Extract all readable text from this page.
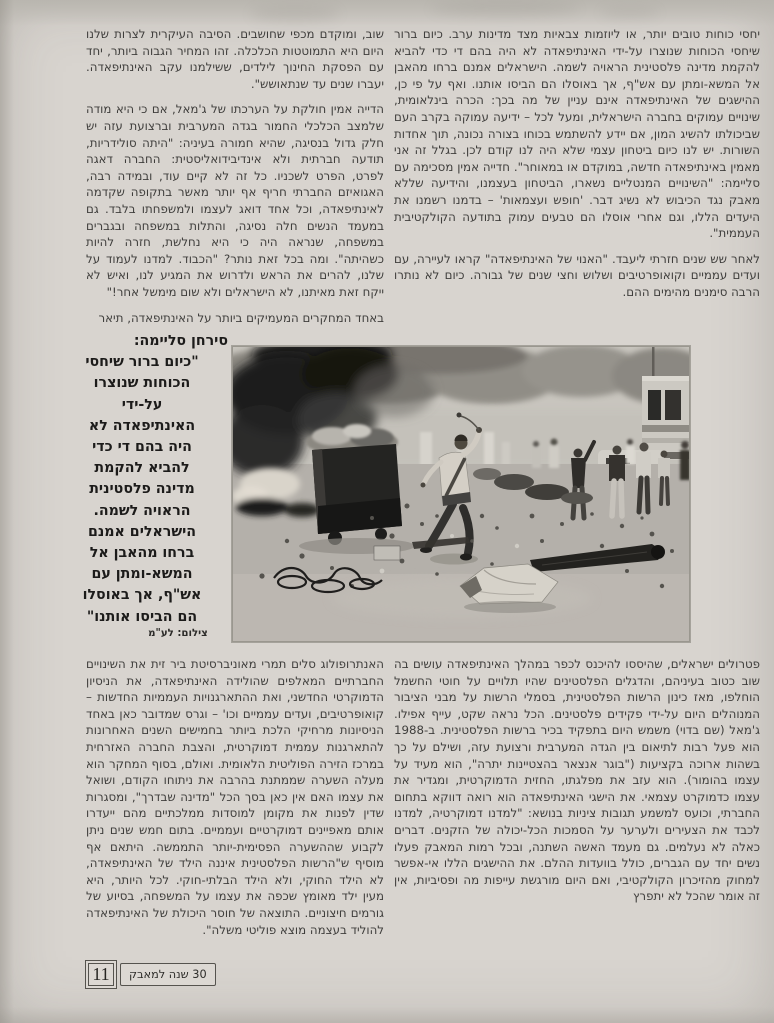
יחסי כוחות טובים יותר, או ליוזמות צבאיות מצד מדינות ערב. כיום ברור שיחסי הכוחות שנוצרו על-ידי האינתיפאדה לא היה בהם די כדי להביא להקמת מדינה פלסטינית הראויה לשמה. הישראלים אמנם ברחו מהאבן אל המשא-ומתן עם אש"ף, אך באוסלו הם הביסו אותנו. ואף על פי כן, ההישגים של האינתיפאדה אינם עניין של מה בכך: הכרה בינלאומית, שינויים עמוקים בחברה הישראלית, ומעל לכל – ידיעה עמוקה בקרב העם שביכולתו להשיג המון, אם יידע להשתמש בכוחו בצורה נכונה, תוך אחדות השורות. יש לנו כיום ביטחון עצמי שלא היה לנו קודם לכן. בגלל זה אני מאמין באינתיפאדה חדשה, במוקדם או במאוחר". חדייה אמין מסכימה עם סליימה: "השינויים המנטליים נשארו, הביטחון בעצמנו, והידיעה שללא מאבק נגד הכיבוש לא נשיג דבר. 'חופש ועצמאות' – בדמנו רשמנו את היעדים הללו, וגם אחרי אוסלו הם טבעים עמוק בתודעה הקולקטיבית העממית".

לאחר שש שנים חזרתי ליעבד. "האנוי של האינתיפאדה" קראו לעיירה, עם ועדים עממיים וקואופרטיבים ושלוש וחצי שנים של גבורה. כיום לא נותרו הרבה סימנים מהימים ההם.

שוב, ומוקדם מכפי שחושבים. הסיבה העיקרית לצרות שלנו היום היא התמוטטות הכלכלה. זהו המחיר הגבוה ביותר, יחד עם הפסקת החינוך לילדים, ששילמנו עקב האינתיפאדה. יעברו שנים עד שנתאושש".

הדייה אמין חולקת על הערכתו של ג'מאל, אם כי היא מודה שלמצב הכלכלי החמור בגדה המערבית וברצועת עזה יש חלק גדול בנסיגה, שהיא חמורה בעיניה: "היתה סולידריות, תודעה חברתית ולא אינדיבידואליסטית: החברה דאגה לפרט, הפרט לשכניו. כל זה לא קיים עוד, ובמידה רבה, האגואיזם החברתי חריף אף יותר מאשר בתקופה שקדמה לאינתיפאדה, וכל אחד דואג לעצמו ולמשפחתו בלבד. גם במעמד הנשים חלה נסיגה, והתלות במשפחה ובגברים במשפחה, שנראה היה כי היא נחלשת, חזרה להיות כשהיתה". ומה בכל זאת נותר? "הכבוד. למדנו לעמוד על שלנו, להרים את הראש ולדרוש את המגיע לנו, ואיש לא ייקח זאת מאיתנו, לא הישראלים ולא שום מימשל אחר!"

באחד המחקרים המעמיקים ביותר על האינתיפאדה, תיאר

סירחן סליימה:
"כיום ברור שיחסי
הכוחות שנוצרו
על-ידי
האינתיפאדה לא
היה בהם די כדי
להביא להקמת
מדינה פלסטינית
הראויה לשמה.
הישראלים אמנם
ברחו מהאבן אל
המשא-ומתן עם
אש"ף, אך באוסלו
הם הביסו אותנו"
צילום: לע"מ

האנתרופולוג סלים תמרי מאוניברסיטת ביר זית את השינויים החברתיים המאלפים שהולידה האינתיפאדה, את הניסיון הדמוקרטי החדשני, ואת ההתארגנויות העממיות החדשות – קואופרטיבים, ועדים עממיים וכו' – וגרס שמדובר כאן באחד הניסיונות מרחיקי הלכת ביותר בחמישים השנים האחרונות להתארגנות עממית דמוקרטית, והצבת החברה האזרחית במרכז הזירה הפוליטית הלאומית. ואולם, בסוף המחקר הוא מעלה השערה שממתנת בהרבה את ניתוחו הקודם, ושואל את עצמו האם אין כאן בסך הכל "מדינה שבדרך", ומסגרות שדין לפנות את מקומן למוסדות ממלכתיים מהם ייעדרו אותם מאפיינים דמוקרטיים ועממיים. בתום חמש שנים ניתן לקבוע שההשערה הפסימית-יותר התממשה. היתאם אף מוסיף ש"הרשות הפלסטינית איננה הילד של האינתיפאדה, לא הילד החוקי, ולא הילד הבלתי-חוקי. לכל היותר, היא מעין ילד מאומץ שכפה את עצמו על המשפחה, בסיוע של גורמים חיצוניים. התוצאה של חוסר היכולת של האינתיפאדה להוליד בעצמה מוצא פוליטי משלה".

פטרולים ישראלים, שהיססו להיכנס לכפר במהלך האינתיפאדה עושים בה שוב כטוב בעיניהם, והדגלים הפלסטינים שהיו תלויים על חוטי החשמל הוחלפו, מאז כינון הרשות הפלסטינית, בסמלי הרשות על מבני הציבור המנוהלים היום על-ידי פקידים פלסטינים. הכל נראה שקט, עייף אפילו. ג'מאל (שם בדוי) משמש היום בתפקיד בכיר ברשות הפלסטינית. ב-1988 הוא פעל רבות לתיאום בין הגדה המערבית ורצועת עזה, ושילם על כך בשהות ארוכה בקציעות ("בוגר אנצאר בהצטיינות יתרה", הוא מעיד על עצמו בהומור). הוא עזב את מפלגתו, החזית הדמוקרטית, ומגדיר את עצמו כדמוקרט עצמאי. את הישגי האינתיפאדה הוא רואה דווקא בתחום החברתי, וכועס למשמע תגובות ציניות בנושא: "למדנו דמוקרטיה, למדנו לכבד את הצעירים ולערער על הסמכות הכל-יכולה של הזקנים. דברים כאלה לא נעלמים. גם מעמד האשה השתנה, ובכל רמות המאבק פעלו נשים יחד עם הגברים, כולל בוועדות ההלם. את ההישגים הללו אי-אפשר למחוק מהזיכרון הקולקטיבי, ואם היום מורגשת עייפות מה ופסיביות, אין זה אומר שהכל לא יתפרץ

11	30 שנה למאבק
